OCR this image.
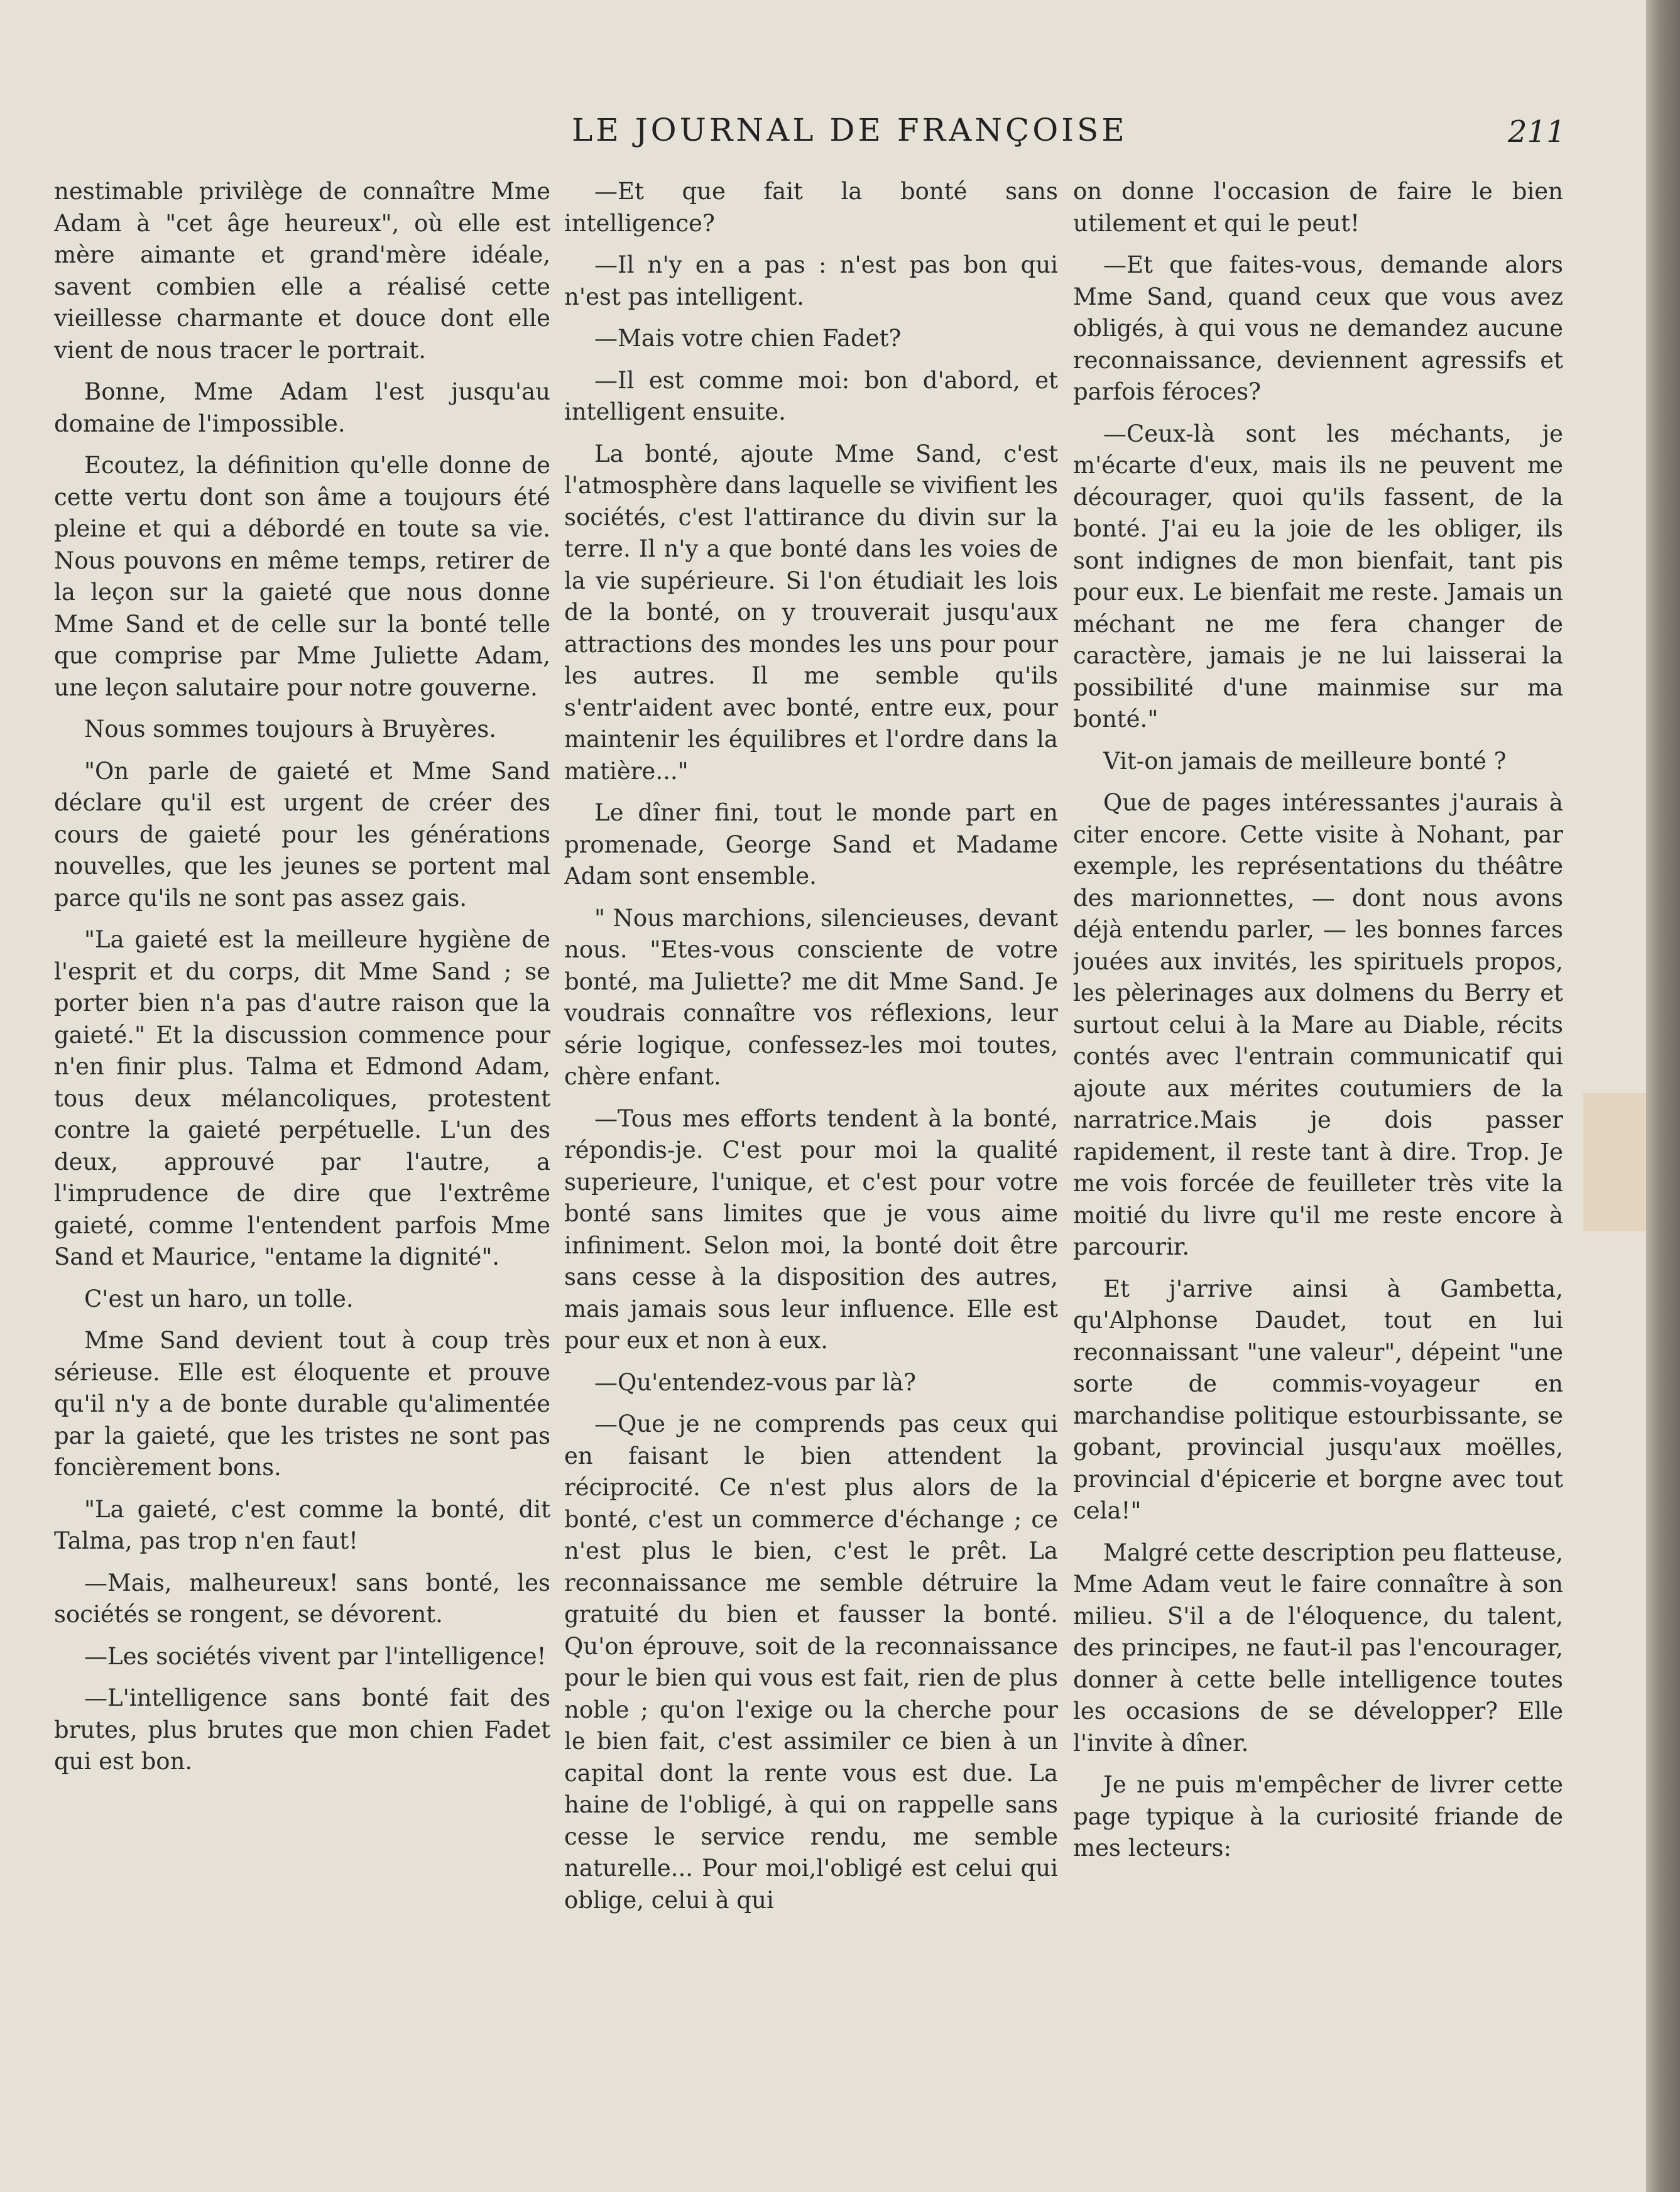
LE JOURNAL DE FRANÇOISE	211

nestimable privilège de connaître Mme Adam à "cet âge heureux", où elle est mère aimante et grand'mère idéale, savent combien elle a réalisé cette vieillesse charmante et douce dont elle vient de nous tracer le portrait.

Bonne, Mme Adam l'est jusqu'au domaine de l'impossible.

Ecoutez, la définition qu'elle donne de cette vertu dont son âme a toujours été pleine et qui a débordé en toute sa vie. Nous pouvons en même temps, retirer de la leçon sur la gaieté que nous donne Mme Sand et de celle sur la bonté telle que comprise par Mme Juliette Adam, une leçon salutaire pour notre gouverne.

Nous sommes toujours à Bruyères.

"On parle de gaieté et Mme Sand déclare qu'il est urgent de créer des cours de gaieté pour les générations nouvelles, que les jeunes se portent mal parce qu'ils ne sont pas assez gais.

"La gaieté est la meilleure hygiène de l'esprit et du corps, dit Mme Sand ; se porter bien n'a pas d'autre raison que la gaieté." Et la discussion commence pour n'en finir plus. Talma et Edmond Adam, tous deux mélancoliques, protestent contre la gaieté perpétuelle. L'un des deux, approuvé par l'autre, a l'imprudence de dire que l'extrême gaieté, comme l'entendent parfois Mme Sand et Maurice, "entame la dignité".

C'est un haro, un tolle.

Mme Sand devient tout à coup très sérieuse. Elle est éloquente et prouve qu'il n'y a de bonte durable qu'alimentée par la gaieté, que les tristes ne sont pas foncièrement bons.

"La gaieté, c'est comme la bonté, dit Talma, pas trop n'en faut!

—Mais, malheureux! sans bonté, les sociétés se rongent, se dévorent.

—Les sociétés vivent par l'intelligence!

—L'intelligence sans bonté fait des brutes, plus brutes que mon chien Fadet qui est bon.

—Et que fait la bonté sans intelligence?

—Il n'y en a pas : n'est pas bon qui n'est pas intelligent.

—Mais votre chien Fadet?

—Il est comme moi: bon d'abord, et intelligent ensuite.

La bonté, ajoute Mme Sand, c'est l'atmosphère dans laquelle se vivifient les sociétés, c'est l'attirance du divin sur la terre. Il n'y a que bonté dans les voies de la vie supérieure. Si l'on étudiait les lois de la bonté, on y trouverait jusqu'aux attractions des mondes les uns pour pour les autres. Il me semble qu'ils s'entr'aident avec bonté, entre eux, pour maintenir les équilibres et l'ordre dans la matière..."

Le dîner fini, tout le monde part en promenade, George Sand et Madame Adam sont ensemble.

" Nous marchions, silencieuses, devant nous. "Etes-vous consciente de votre bonté, ma Juliette? me dit Mme Sand. Je voudrais connaître vos réflexions, leur série logique, confessez-les moi toutes, chère enfant.

—Tous mes efforts tendent à la bonté, répondis-je. C'est pour moi la qualité superieure, l'unique, et c'est pour votre bonté sans limites que je vous aime infiniment. Selon moi, la bonté doit être sans cesse à la disposition des autres, mais jamais sous leur influence. Elle est pour eux et non à eux.

—Qu'entendez-vous par là?

—Que je ne comprends pas ceux qui en faisant le bien attendent la réciprocité. Ce n'est plus alors de la bonté, c'est un commerce d'échange ; ce n'est plus le bien, c'est le prêt. La reconnaissance me semble détruire la gratuité du bien et fausser la bonté. Qu'on éprouve, soit de la reconnaissance pour le bien qui vous est fait, rien de plus noble ; qu'on l'exige ou la cherche pour le bien fait, c'est assimiler ce bien à un capital dont la rente vous est due. La haine de l'obligé, à qui on rappelle sans cesse le service rendu, me semble naturelle... Pour moi,l'obligé est celui qui oblige, celui à qui

on donne l'occasion de faire le bien utilement et qui le peut!

—Et que faites-vous, demande alors Mme Sand, quand ceux que vous avez obligés, à qui vous ne demandez aucune reconnaissance, deviennent agressifs et parfois féroces?

—Ceux-là sont les méchants, je m'écarte d'eux, mais ils ne peuvent me décourager, quoi qu'ils fassent, de la bonté. J'ai eu la joie de les obliger, ils sont indignes de mon bienfait, tant pis pour eux. Le bienfait me reste. Jamais un méchant ne me fera changer de caractère, jamais je ne lui laisserai la possibilité d'une mainmise sur ma bonté."

Vit-on jamais de meilleure bonté ?

Que de pages intéressantes j'aurais à citer encore. Cette visite à Nohant, par exemple, les représentations du théâtre des marionnettes, — dont nous avons déjà entendu parler, — les bonnes farces jouées aux invités, les spirituels propos, les pèlerinages aux dolmens du Berry et surtout celui à la Mare au Diable, récits contés avec l'entrain communicatif qui ajoute aux mérites coutumiers de la narratrice.Mais je dois passer rapidement, il reste tant à dire. Trop. Je me vois forcée de feuilleter très vite la moitié du livre qu'il me reste encore à parcourir.

Et j'arrive ainsi à Gambetta, qu'Alphonse Daudet, tout en lui reconnaissant "une valeur", dépeint "une sorte de commis-voyageur en marchandise politique estourbissante, se gobant, provincial jusqu'aux moëlles, provincial d'épicerie et borgne avec tout cela!"

Malgré cette description peu flatteuse, Mme Adam veut le faire connaître à son milieu. S'il a de l'éloquence, du talent, des principes, ne faut-il pas l'encourager, donner à cette belle intelligence toutes les occasions de se développer? Elle l'invite à dîner.

Je ne puis m'empêcher de livrer cette page typique à la curiosité friande de mes lecteurs:
